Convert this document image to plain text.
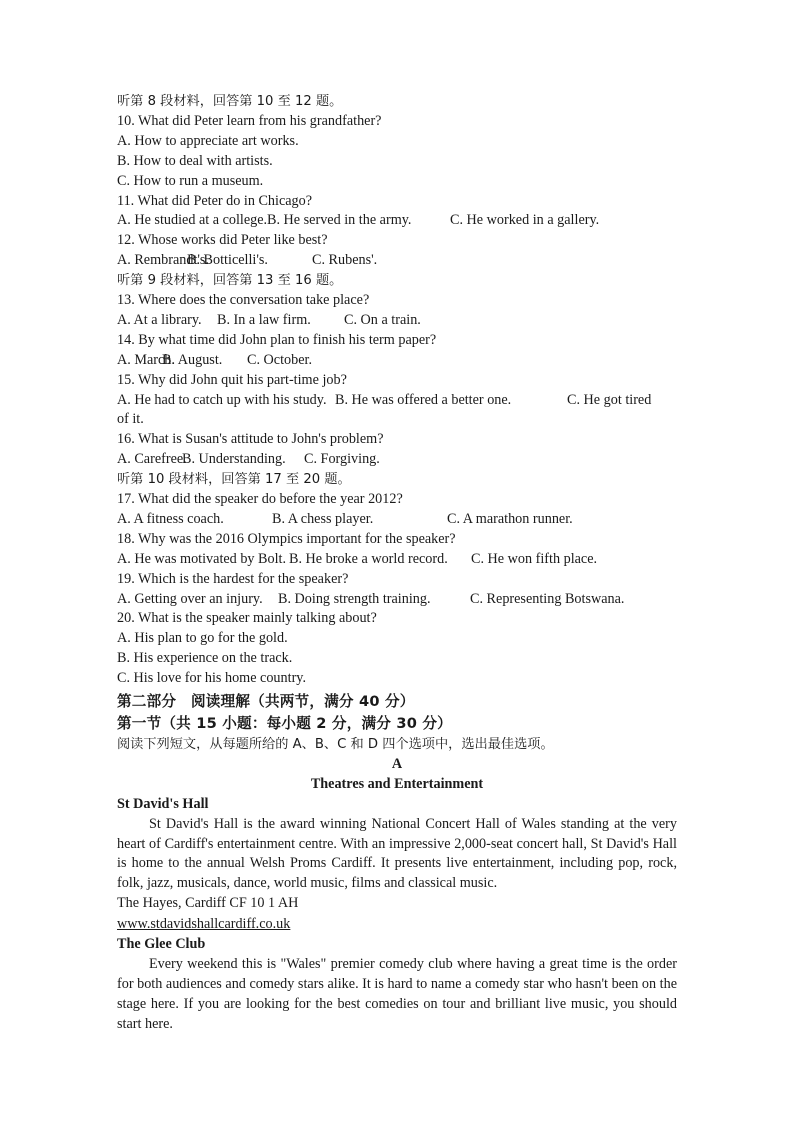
听第 8 段材料，回答第 10 至 12 题。
10. What did Peter learn from his grandfather?
A. How to appreciate art works.
B. How to deal with artists.
C. How to run a museum.
11. What did Peter do in Chicago?
A. He studied at a college. B. He served in the army.	C. He worked in a gallery.
12. Whose works did Peter like best?
A. Rembrandt's.
B. Botticelli's.	C. Rubens'.
听第 9 段材料，回答第 13 至 16 题。
13. Where does the conversation take place?
A. At a library. B. In a law firm. C. On a train.
14. By what time did John plan to finish his term paper?
A. March.
B. August. C. October.
15. Why did John quit his part-time job?
A. He had to catch up with his study. B. He was offered a better one.	C. He got tired
of it.
16. What is Susan's attitude to John's problem?
A. Carefree.
B. Understanding. C. Forgiving.
听第 10 段材料，回答第 17 至 20 题。
17. What did the speaker do before the year 2012?
A. A fitness coach.	B. A chess player.	C. A marathon runner.
18. Why was the 2016 Olympics important for the speaker?
A. He was motivated by Bolt. B. He broke a world record. C. He won fifth place.
19. Which is the hardest for the speaker?
A. Getting over an injury. B. Doing strength training.	C. Representing Botswana.
20. What is the speaker mainly talking about?
A. His plan to go for the gold.
B. His experience on the track.
C. His love for his home country.
第二部分　阅读理解（共两节，满分 40 分）
第一节（共 15 小题：每小题 2 分，满分 30 分）
阅读下列短文，从每题所给的 A、B、C 和 D 四个选项中，选出最佳选项。
A
Theatres and Entertainment
St David's Hall

St David's Hall is the award winning National Concert Hall of Wales standing at the very heart of Cardiff's entertainment centre. With an impressive 2,000-seat concert hall, St David's Hall is home to the annual Welsh Proms Cardiff. It presents live entertainment, including pop, rock, folk, jazz, musicals, dance, world music, films and classical music.

The Hayes, Cardiff CF 10 1 AH
www.stdavidshallcardiff.co.uk
The Glee Club

Every weekend this is "Wales" premier comedy club where having a great time is the order for both audiences and comedy stars alike. It is hard to name a comedy star who hasn't been on the stage here. If you are looking for the best comedies on tour and brilliant live music, you should start here.
